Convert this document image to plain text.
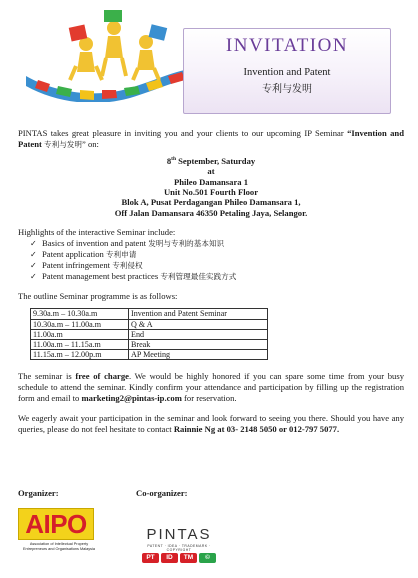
INVITATION
Invention and Patent
专利与发明
PINTAS takes great pleasure in inviting you and your clients to our upcoming IP Seminar “Invention and Patent 专利与发明” on:
8th September, Saturday
at
Phileo Damansara 1
Unit No.501 Fourth Floor
Blok A, Pusat Perdagangan Phileo Damansara 1,
Off Jalan Damansara 46350 Petaling Jaya, Selangor.
Highlights of the interactive Seminar include:
✓ Basics of invention and patent 发明与专利的基本知识
✓ Patent application 专利申请
✓ Patent infringement 专利侵权
✓ Patent management best practices 专利管理最佳实践方式
The outline Seminar programme is as follows:
9.30a.m – 10.30a.m	Invention and Patent Seminar
10.30a.m – 11.00a.m	Q & A
11.00a.m	End
11.00a.m – 11.15a.m	Break
11.15a.m – 12.00p.m	AP Meeting
The seminar is free of charge. We would be highly honored if you can spare some time from your busy schedule to attend the seminar. Kindly confirm your attendance and participation by filling up the registration form and email to marketing2@pintas-ip.com for reservation.
We eagerly await your participation in the seminar and look forward to seeing you there. Should you have any queries, please do not feel hesitate to contact Rainnie Ng at 03- 2148 5050 or 012-797 5077.
Organizer:	Co-organizer:
AIPO
Association of Intellectual Property Entrepreneurs and Organisations Malaysia
PINTAS
PATENT · IDEA · TRADEMARK · COPYRIGHT
PT	ID	TM	©
